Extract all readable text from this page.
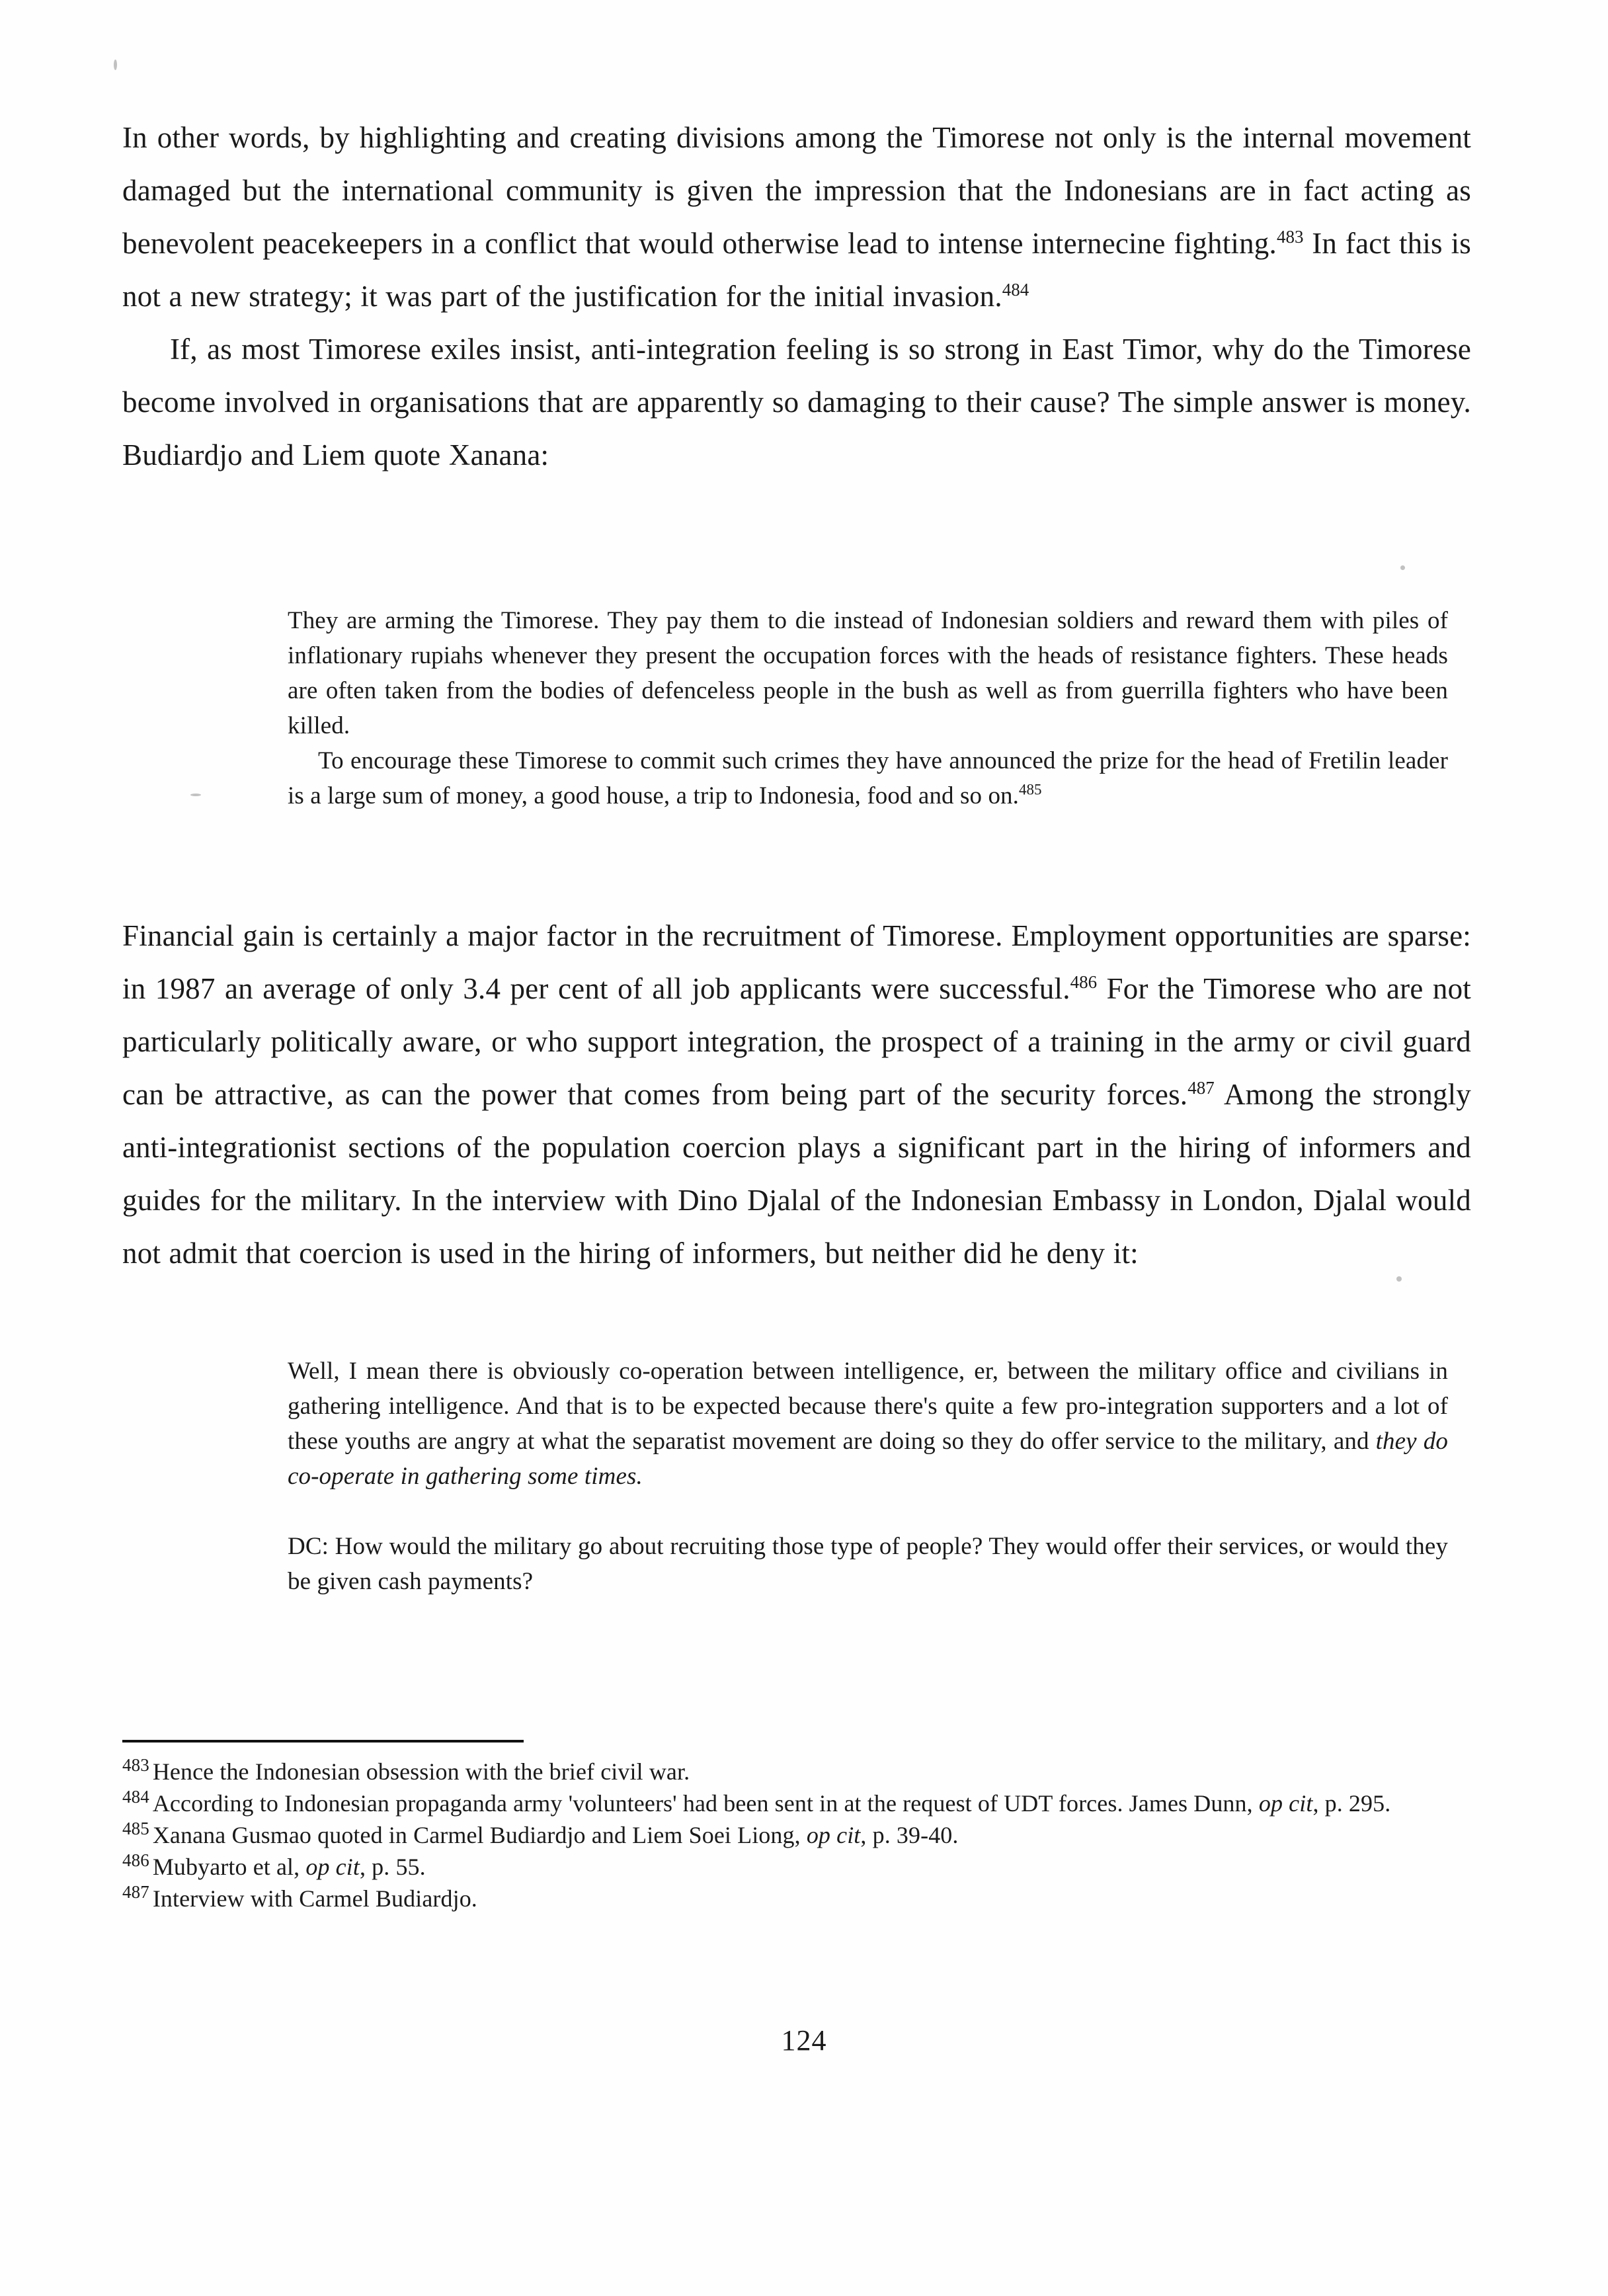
In other words, by highlighting and creating divisions among the Timorese not only is the internal movement damaged but the international community is given the impression that the Indonesians are in fact acting as benevolent peacekeepers in a conflict that would otherwise lead to intense internecine fighting.$^{483}$ In fact this is not a new strategy; it was part of the justification for the initial invasion.$^{484}$

If, as most Timorese exiles insist, anti-integration feeling is so strong in East Timor, why do the Timorese become involved in organisations that are apparently so damaging to their cause? The simple answer is money. Budiardjo and Liem quote Xanana:

They are arming the Timorese. They pay them to die instead of Indonesian soldiers and reward them with piles of inflationary rupiahs whenever they present the occupation forces with the heads of resistance fighters. These heads are often taken from the bodies of defenceless people in the bush as well as from guerrilla fighters who have been killed.

To encourage these Timorese to commit such crimes they have announced the prize for the head of Fretilin leader is a large sum of money, a good house, a trip to Indonesia, food and so on.$^{485}$

Financial gain is certainly a major factor in the recruitment of Timorese. Employment opportunities are sparse: in 1987 an average of only 3.4 per cent of all job applicants were successful.$^{486}$ For the Timorese who are not particularly politically aware, or who support integration, the prospect of a training in the army or civil guard can be attractive, as can the power that comes from being part of the security forces.$^{487}$ Among the strongly anti-integrationist sections of the population coercion plays a significant part in the hiring of informers and guides for the military. In the interview with Dino Djalal of the Indonesian Embassy in London, Djalal would not admit that coercion is used in the hiring of informers, but neither did he deny it:

Well, I mean there is obviously co-operation between intelligence, er, between the military office and civilians in gathering intelligence. And that is to be expected because there's quite a few pro-integration supporters and a lot of these youths are angry at what the separatist movement are doing so they do offer service to the military, and they do co-operate in gathering some times.

DC: How would the military go about recruiting those type of people? They would offer their services, or would they be given cash payments?

$^{483}$ Hence the Indonesian obsession with the brief civil war.

$^{484}$ According to Indonesian propaganda army 'volunteers' had been sent in at the request of UDT forces. James Dunn, op cit, p. 295.

$^{485}$ Xanana Gusmao quoted in Carmel Budiardjo and Liem Soei Liong, op cit, p. 39-40.

$^{486}$ Mubyarto et al, op cit, p. 55.

$^{487}$ Interview with Carmel Budiardjo.

124
